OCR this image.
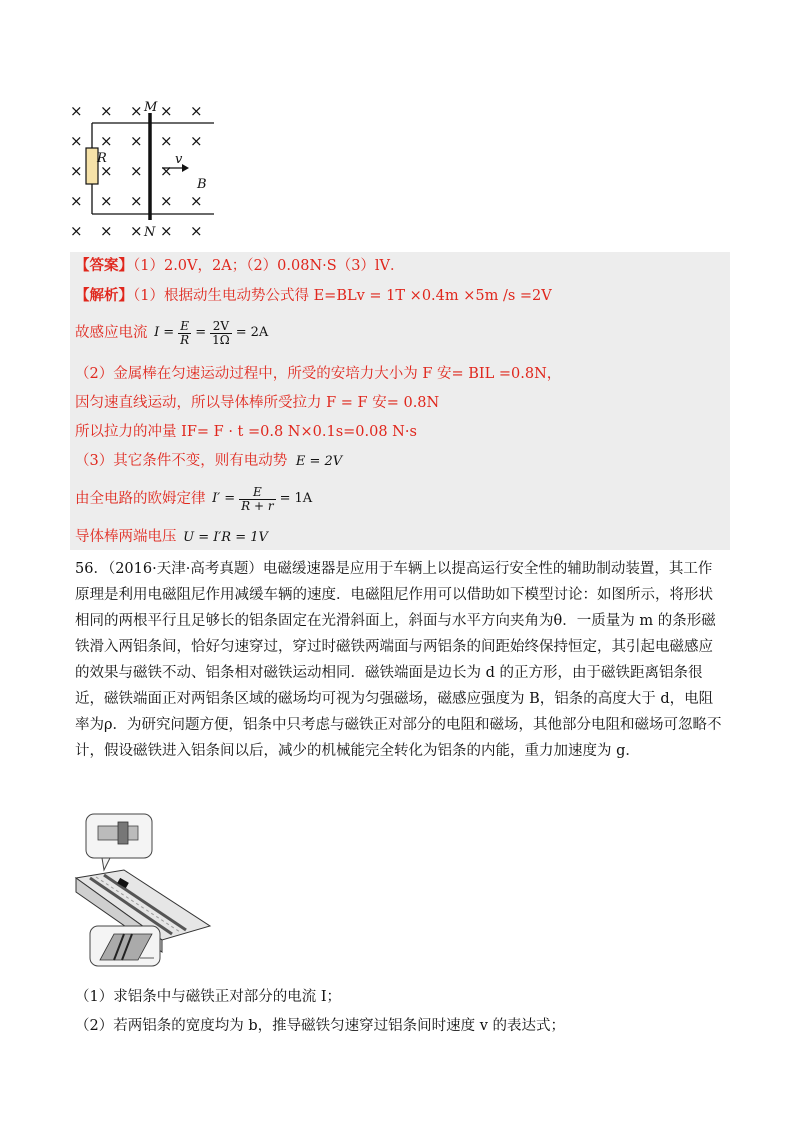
× × × × ×
× × × × ×
× × × ×
× × × × ×
× × × × ×
M
N
R	v
B
【答案】（1）2.0V，2A；（2）0.08N·S（3）lV．
【解析】（1）根据动生电动势公式得 E=BLv = 1T ×0.4m ×5m /s =2V
故感应电流 $I = \frac{E}{R} = \frac{2V}{1\Omega} = 2A$
（2）金属棒在匀速运动过程中，所受的安培力大小为 F 安= BIL =0.8N，
因匀速直线运动，所以导体棒所受拉力 F = F 安= 0.8N
所以拉力的冲量 IF= F · t =0.8 N×0.1s=0.08 N·s
（3）其它条件不变，则有电动势 E = 2V
由全电路的欧姆定律 $I' = \frac{E}{R + r} = 1A$
导体棒两端电压 U = I′R = 1V
56．（2016·天津·高考真题）电磁缓速器是应用于车辆上以提高运行安全性的辅助制动装置，其工作原理是利用电磁阻尼作用减缓车辆的速度．电磁阻尼作用可以借助如下模型讨论：如图所示，将形状相同的两根平行且足够长的铝条固定在光滑斜面上，斜面与水平方向夹角为θ．一质量为 m 的条形磁铁滑入两铝条间，恰好匀速穿过，穿过时磁铁两端面与两铝条的间距始终保持恒定，其引起电磁感应的效果与磁铁不动、铝条相对磁铁运动相同．磁铁端面是边长为 d 的正方形，由于磁铁距离铝条很近，磁铁端面正对两铝条区域的磁场均可视为匀强磁场，磁感应强度为 B，铝条的高度大于 d，电阻率为ρ．为研究问题方便，铝条中只考虑与磁铁正对部分的电阻和磁场，其他部分电阻和磁场可忽略不计，假设磁铁进入铝条间以后，减少的机械能完全转化为铝条的内能，重力加速度为 g．
（1）求铝条中与磁铁正对部分的电流 I；
（2）若两铝条的宽度均为 b，推导磁铁匀速穿过铝条间时速度 v 的表达式；
